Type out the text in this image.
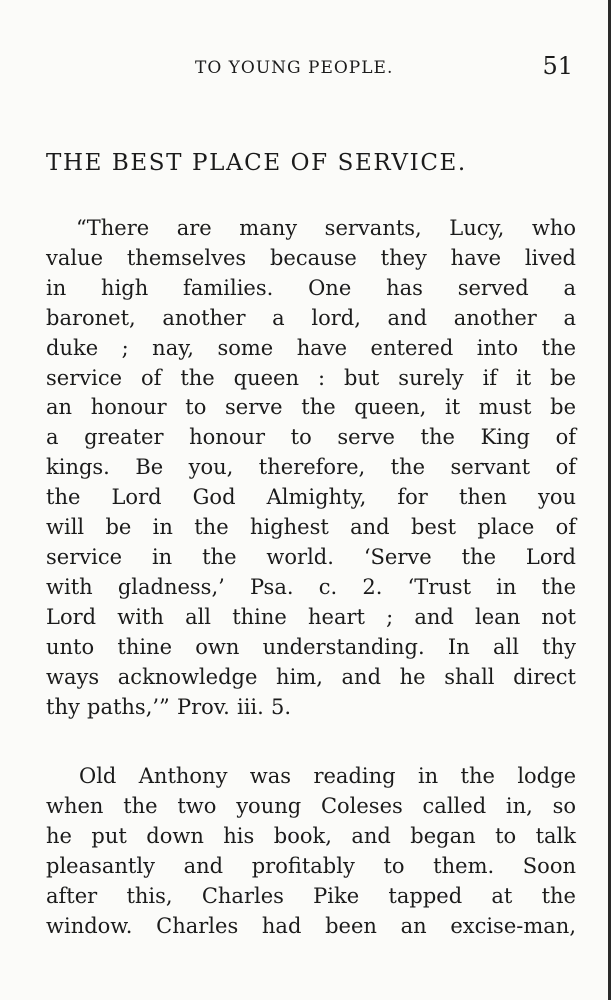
TO YOUNG PEOPLE.	51
THE BEST PLACE OF SERVICE.

“There are many servants, Lucy, who
value themselves because they have lived
in high families. One has served a
baronet, another a lord, and another a
duke ; nay, some have entered into the
service of the queen : but surely if it be
an honour to serve the queen, it must be
a greater honour to serve the King of
kings. Be you, therefore, the servant of
the Lord God Almighty, for then you
will be in the highest and best place of
service in the world. ‘Serve the Lord
with gladness,’ Psa. c. 2. ‘Trust in the
Lord with all thine heart ; and lean not
unto thine own understanding. In all thy
ways acknowledge him, and he shall direct
thy paths,’” Prov. iii. 5.

Old Anthony was reading in the lodge
when the two young Coleses called in, so
he put down his book, and began to talk
pleasantly and profitably to them. Soon
after this, Charles Pike tapped at the
window. Charles had been an excise-man,
